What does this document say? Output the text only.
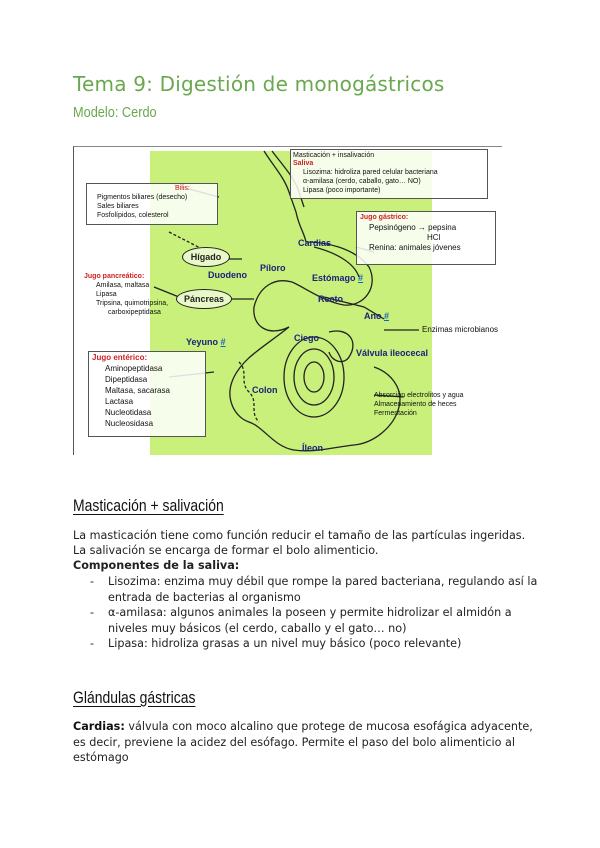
Tema 9: Digestión de monogástricos
Modelo: Cerdo
Bilis:
Pigmentos biliares (desecho)
Sales biliares
Fosfolípidos, colesterol
Masticación + insalivación
Saliva
Lisozima: hidroliza pared celular bacteriana
α-amilasa (cerdo, caballo, gato… NO)
Lipasa (poco importante)
Jugo gástrico:
Pepsinógeno → pepsina
HCl
Renina: animales jóvenes
Jugo pancreático:
Amilasa, maltasa
Lipasa
Tripsina, quimotripsina,
carboxipeptidasa
Jugo entérico:
Aminopeptidasa
Dipeptidasa
Maltasa, sacarasa
Lactasa
Nucleotidasa
Nucleosidasa
Absorción electrolitos y agua
Almacenamiento de heces
Fermentación
Hígado
Páncreas
Duodeno
Píloro
Cardias
Estómago #
Recto
Ano #
Enzimas microbianos
Yeyuno #	Ciego
Válvula ileocecal
Colon
Íleon
Masticación + salivación
La masticación tiene como función reducir el tamaño de las partículas ingeridas.
La salivación se encarga de formar el bolo alimenticio.
Componentes de la saliva:
- Lisozima: enzima muy débil que rompe la pared bacteriana, regulando así la entrada de bacterias al organismo
- α-amilasa: algunos animales la poseen y permite hidrolizar el almidón a niveles muy básicos (el cerdo, caballo y el gato… no)
- Lipasa: hidroliza grasas a un nivel muy básico (poco relevante)
Glándulas gástricas
Cardias: válvula con moco alcalino que protege de mucosa esofágica adyacente, es decir, previene la acidez del esófago. Permite el paso del bolo alimenticio al estómago
